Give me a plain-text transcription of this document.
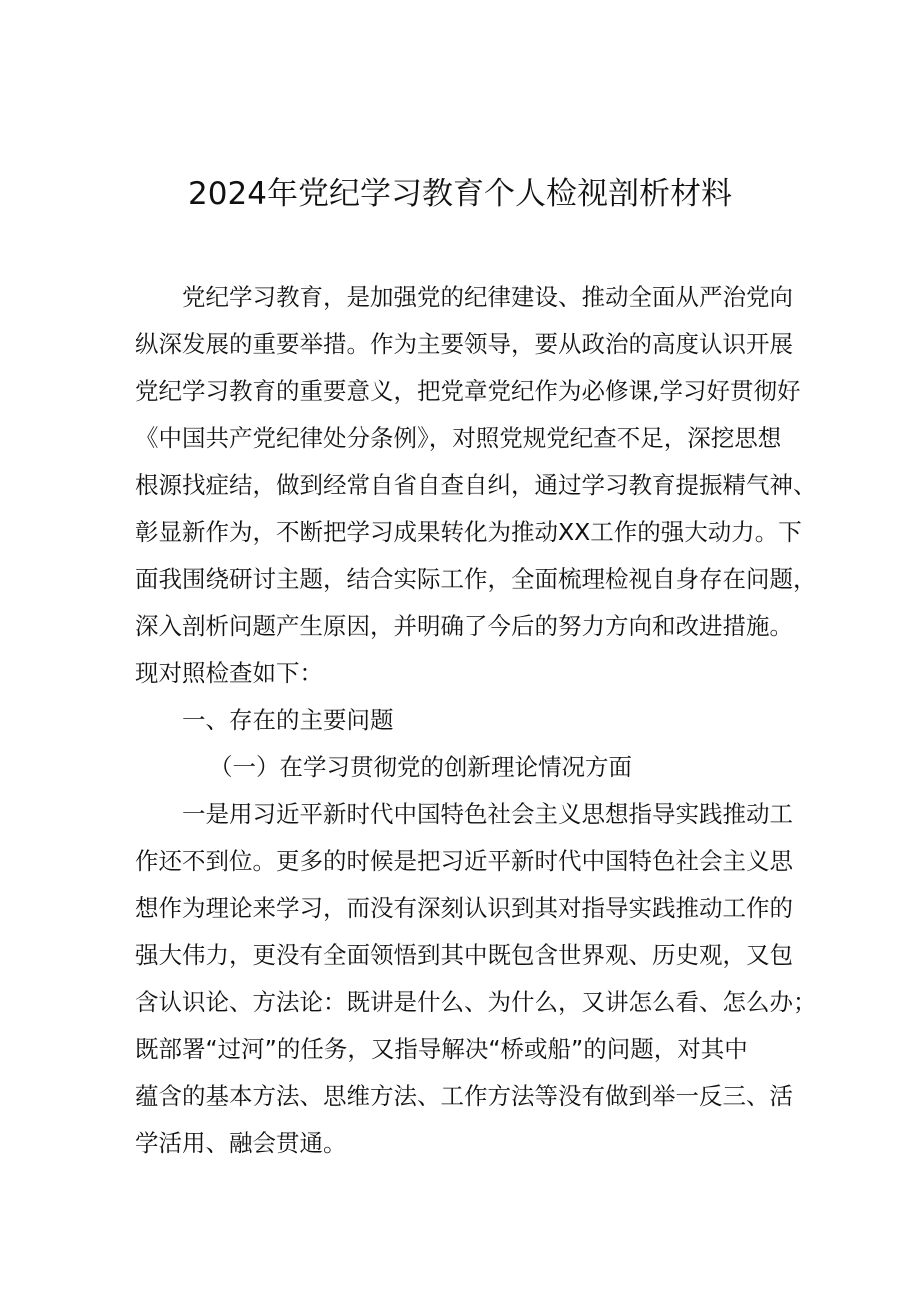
2024年党纪学习教育个人检视剖析材料
党纪学习教育，是加强党的纪律建设、推动全面从严治党向
纵深发展的重要举措。作为主要领导，要从政治的高度认识开展
党纪学习教育的重要意义，把党章党纪作为必修课,学习好贯彻好
《中国共产党纪律处分条例》，对照党规党纪查不足，深挖思想
根源找症结，做到经常自省自查自纠，通过学习教育提振精气神、
彰显新作为，不断把学习成果转化为推动XX工作的强大动力。下
面我围绕研讨主题，结合实际工作，全面梳理检视自身存在问题，
深入剖析问题产生原因，并明确了今后的努力方向和改进措施。
现对照检查如下：
一、存在的主要问题
（一）在学习贯彻党的创新理论情况方面
一是用习近平新时代中国特色社会主义思想指导实践推动工
作还不到位。更多的时候是把习近平新时代中国特色社会主义思
想作为理论来学习，而没有深刻认识到其对指导实践推动工作的
强大伟力，更没有全面领悟到其中既包含世界观、历史观，又包
含认识论、方法论：既讲是什么、为什么，又讲怎么看、怎么办；
既部署“过河”的任务，又指导解决“桥或船”的问题，对其中
蕴含的基本方法、思维方法、工作方法等没有做到举一反三、活
学活用、融会贯通。
